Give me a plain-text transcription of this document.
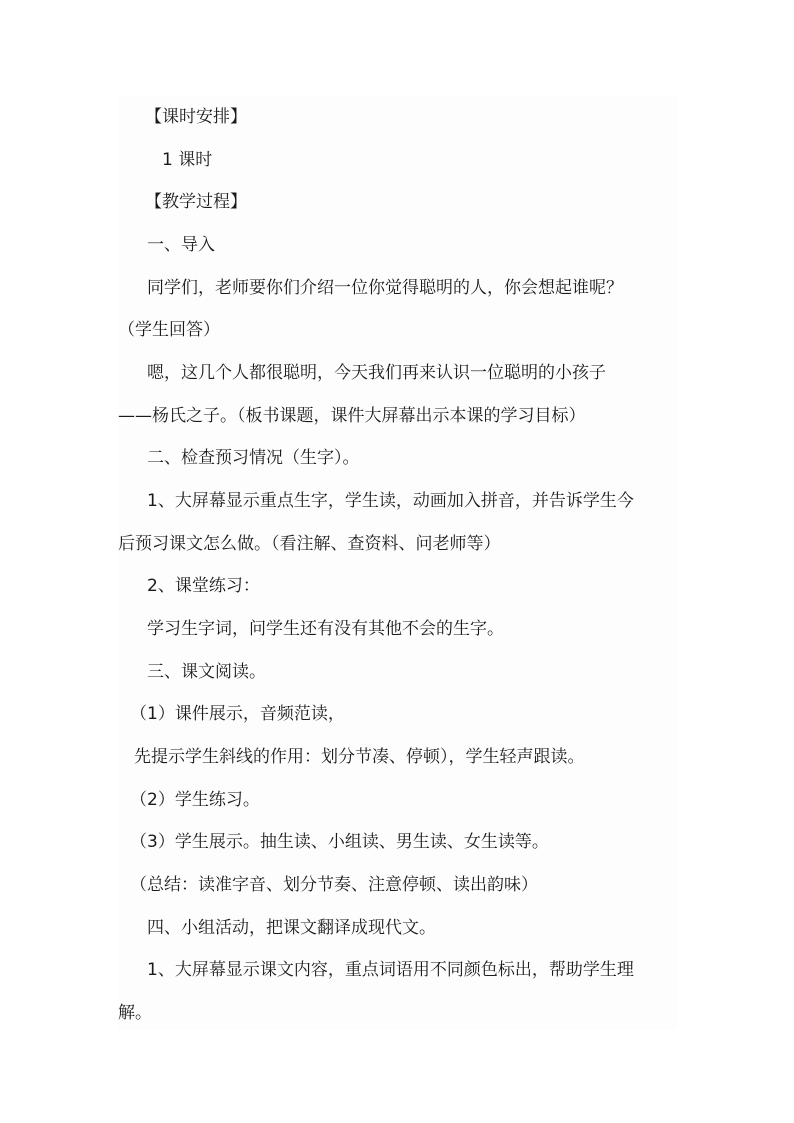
【课时安排】

1 课时

【教学过程】

一、导入

同学们，老师要你们介绍一位你觉得聪明的人，你会想起谁呢？

（学生回答）

嗯，这几个人都很聪明，今天我们再来认识一位聪明的小孩子

——杨氏之子。（板书课题，课件大屏幕出示本课的学习目标）

二、检查预习情况（生字）。

1、大屏幕显示重点生字，学生读，动画加入拼音，并告诉学生今

后预习课文怎么做。（看注解、查资料、问老师等）

2、课堂练习：

学习生字词，问学生还有没有其他不会的生字。

三、课文阅读。

（1）课件展示，音频范读，

先提示学生斜线的作用：划分节凑、停顿），学生轻声跟读。

（2）学生练习。

（3）学生展示。抽生读、小组读、男生读、女生读等。

（总结：读准字音、划分节奏、注意停顿、读出韵味）

四、小组活动，把课文翻译成现代文。

1、大屏幕显示课文内容，重点词语用不同颜色标出，帮助学生理

解。
